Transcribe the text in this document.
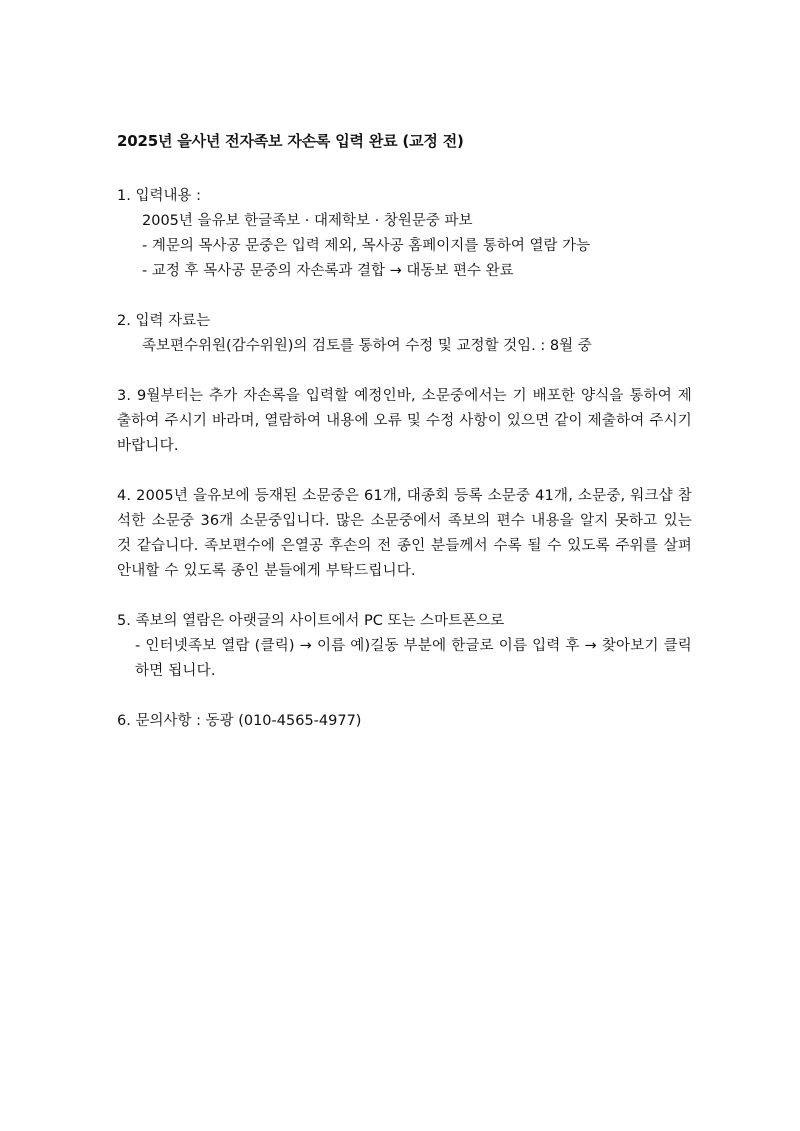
2025년 을사년 전자족보 자손록 입력 완료 (교정 전)
1. 입력내용 :
2005년 을유보 한글족보 · 대제학보 · 창원문중 파보
- 계문의 목사공 문중은 입력 제외, 목사공 홈페이지를 통하여 열람 가능
- 교정 후 목사공 문중의 자손록과 결합 → 대동보 편수 완료
2. 입력 자료는
족보편수위원(감수위원)의 검토를 통하여 수정 및 교정할 것임. : 8월 중
3. 9월부터는 추가 자손록을 입력할 예정인바, 소문중에서는 기 배포한 양식을 통하여 제출하여 주시기 바라며, 열람하여 내용에 오류 및 수정 사항이 있으면 같이 제출하여 주시기 바랍니다.
4. 2005년 을유보에 등재된 소문중은 61개, 대종회 등록 소문중 41개, 소문중, 워크샵 참석한 소문중 36개 소문중입니다. 많은 소문중에서 족보의 편수 내용을 알지 못하고 있는 것 같습니다. 족보편수에 은열공 후손의 전 종인 분들께서 수록 될 수 있도록 주위를 살펴 안내할 수 있도록 종인 분들에게 부탁드립니다.
5. 족보의 열람은 아랫글의 사이트에서 PC 또는 스마트폰으로
- 인터넷족보 열람 (클릭) → 이름 예)길동 부분에 한글로 이름 입력 후 → 찾아보기 클릭 하면 됩니다.
6. 문의사항 : 동광 (010-4565-4977)
